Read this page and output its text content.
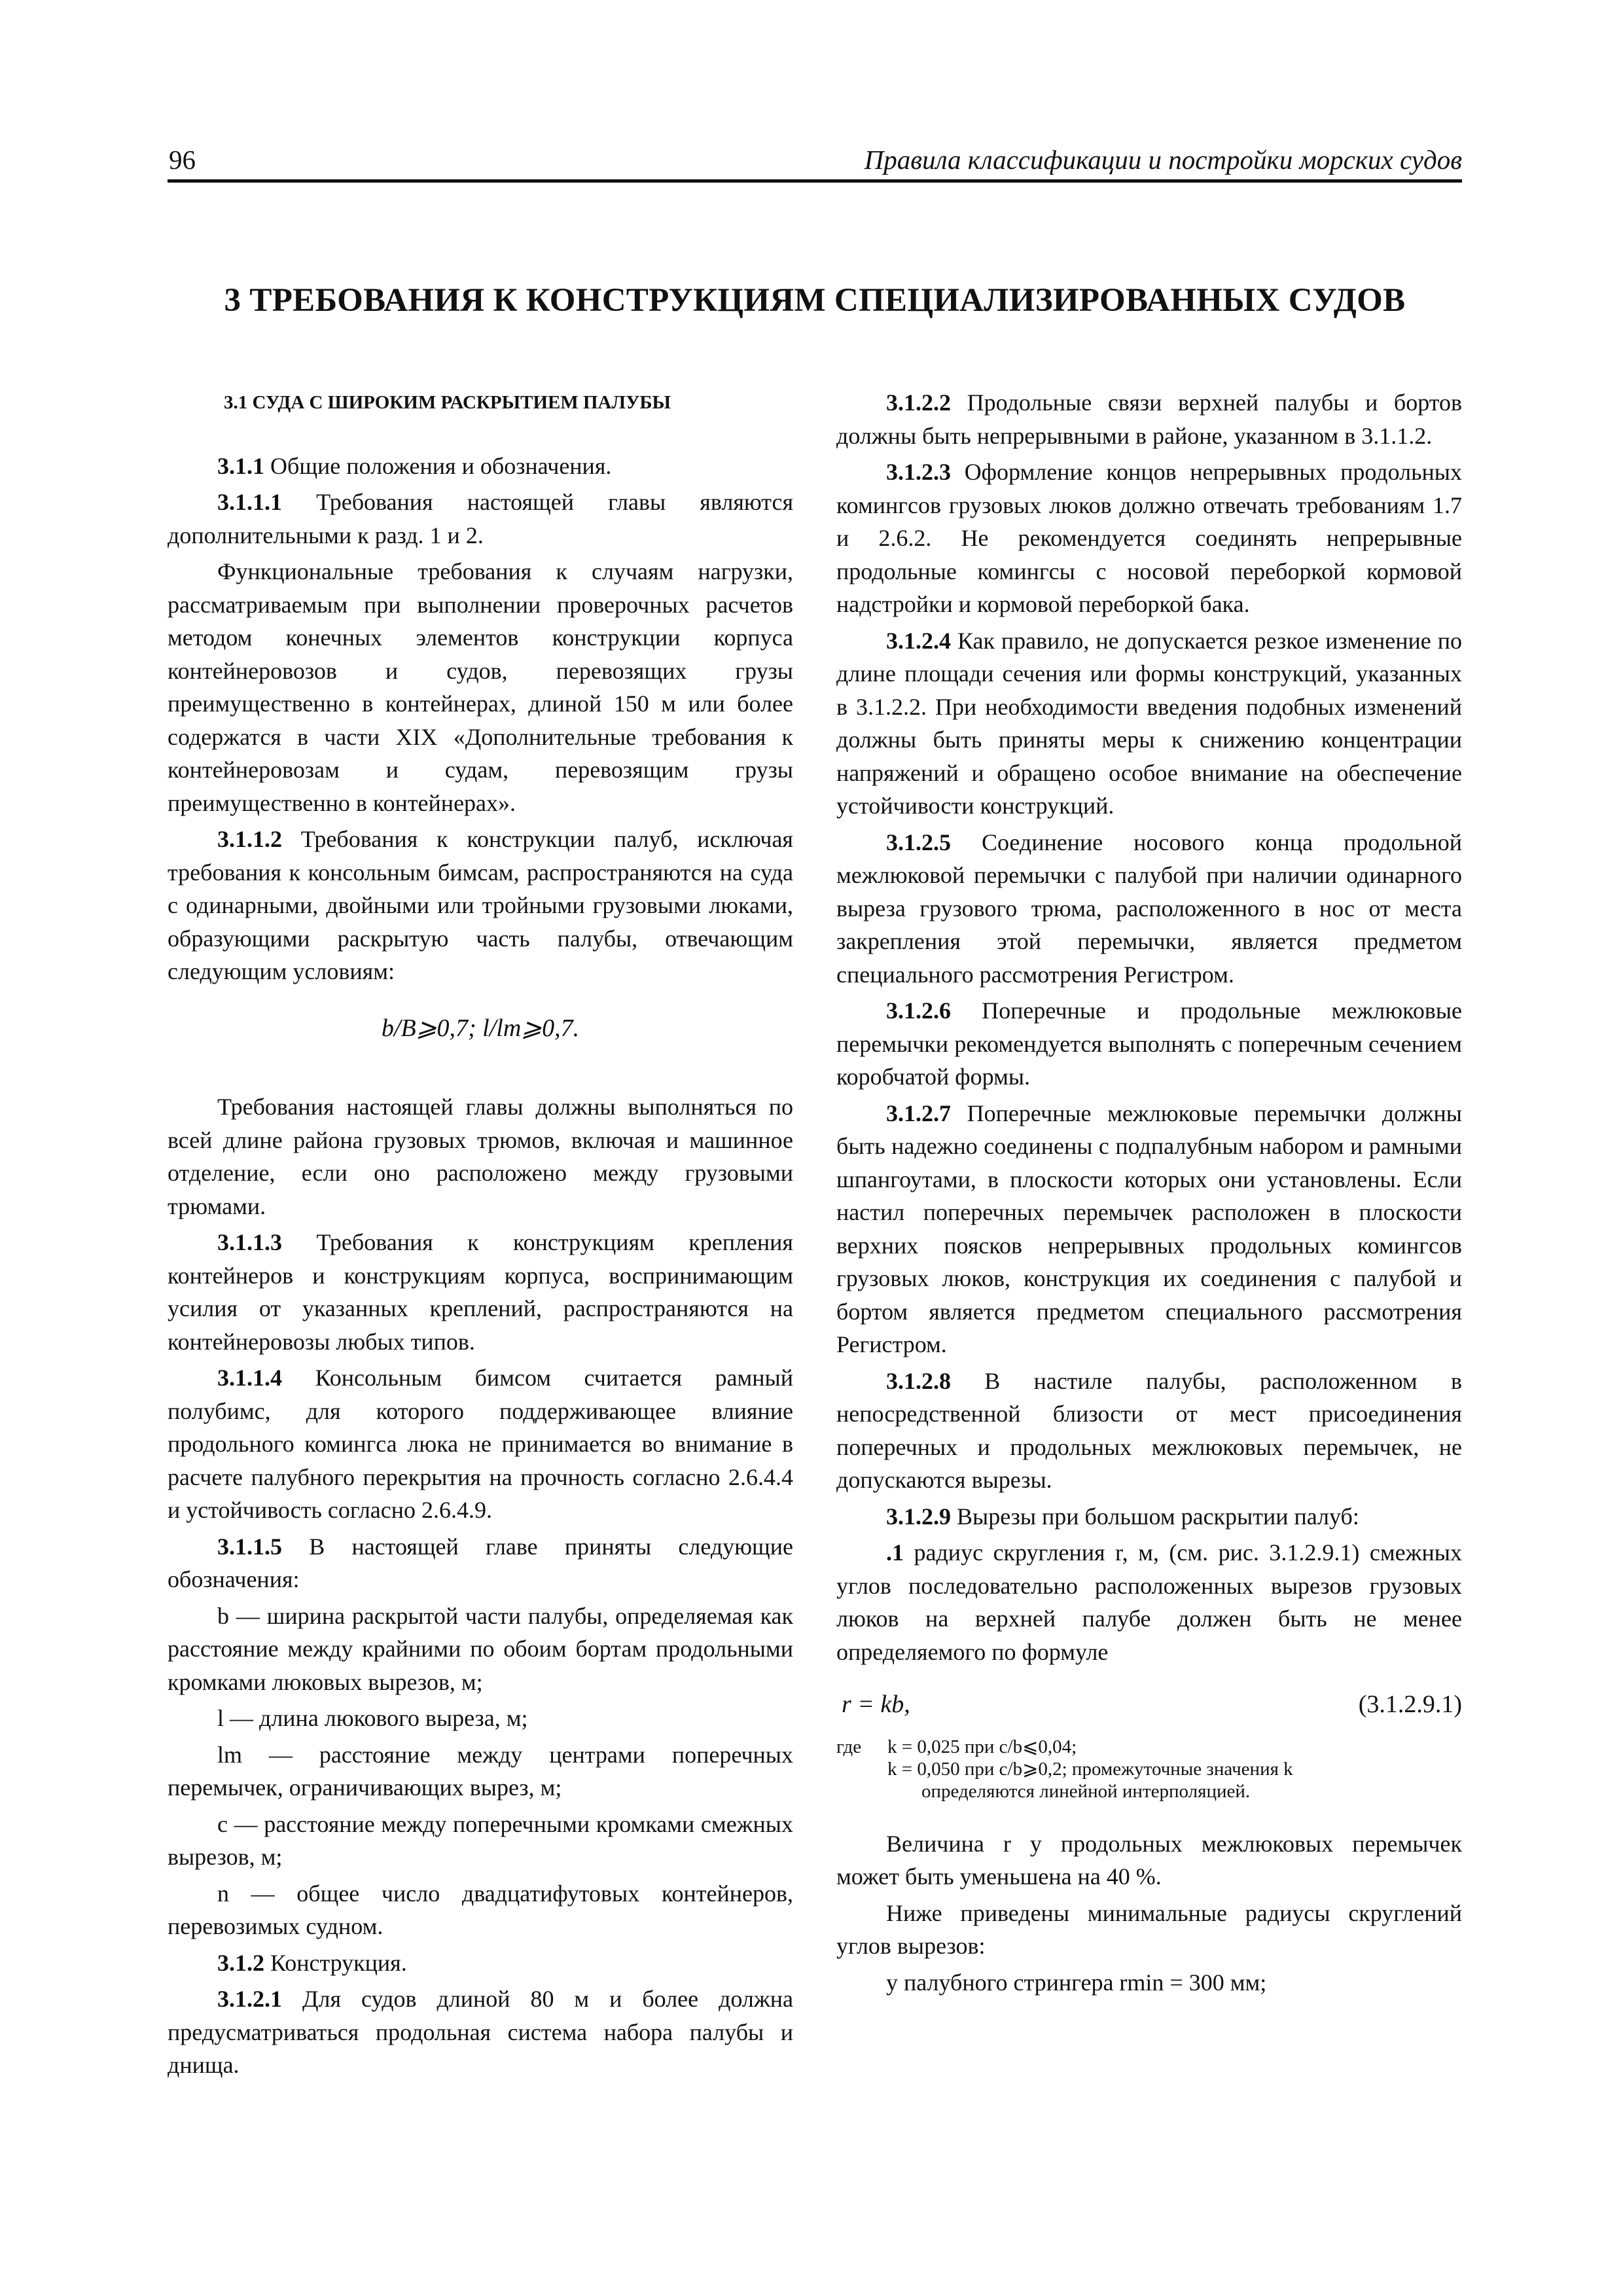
96	Правила классификации и постройки морских судов
3 ТРЕБОВАНИЯ К КОНСТРУКЦИЯМ СПЕЦИАЛИЗИРОВАННЫХ СУДОВ

3.1 СУДА С ШИРОКИМ РАСКРЫТИЕМ ПАЛУБЫ

3.1.1 Общие положения и обозначения.

3.1.1.1 Требования настоящей главы являются дополнительными к разд. 1 и 2.

Функциональные требования к случаям нагрузки, рассматриваемым при выполнении проверочных расчетов методом конечных элементов конструкции корпуса контейнеровозов и судов, перевозящих грузы преимущественно в контейнерах, длиной 150 м или более содержатся в части XIX «Дополнительные требования к контейнеровозам и судам, перевозящим грузы преимущественно в контейнерах».

3.1.1.2 Требования к конструкции палуб, исключая требования к консольным бимсам, распространяются на суда с одинарными, двойными или тройными грузовыми люками, образующими раскрытую часть палубы, отвечающим следующим условиям:

b/B⩾0,7; l/lm⩾0,7.

Требования настоящей главы должны выполняться по всей длине района грузовых трюмов, включая и машинное отделение, если оно расположено между грузовыми трюмами.

3.1.1.3 Требования к конструкциям крепления контейнеров и конструкциям корпуса, воспринимающим усилия от указанных креплений, распространяются на контейнеровозы любых типов.

3.1.1.4 Консольным бимсом считается рамный полубимс, для которого поддерживающее влияние продольного комингса люка не принимается во внимание в расчете палубного перекрытия на прочность согласно 2.6.4.4 и устойчивость согласно 2.6.4.9.

3.1.1.5 В настоящей главе приняты следующие обозначения:

b — ширина раскрытой части палубы, определяемая как расстояние между крайними по обоим бортам продольными кромками люковых вырезов, м;

l — длина люкового выреза, м;

lm — расстояние между центрами поперечных перемычек, ограничивающих вырез, м;

c — расстояние между поперечными кромками смежных вырезов, м;

n — общее число двадцатифутовых контейнеров, перевозимых судном.

3.1.2 Конструкция.

3.1.2.1 Для судов длиной 80 м и более должна предусматриваться продольная система набора палубы и днища.

3.1.2.2 Продольные связи верхней палубы и бортов должны быть непрерывными в районе, указанном в 3.1.1.2.

3.1.2.3 Оформление концов непрерывных продольных комингсов грузовых люков должно отвечать требованиям 1.7 и 2.6.2. Не рекомендуется соединять непрерывные продольные комингсы с носовой переборкой кормовой надстройки и кормовой переборкой бака.

3.1.2.4 Как правило, не допускается резкое изменение по длине площади сечения или формы конструкций, указанных в 3.1.2.2. При необходимости введения подобных изменений должны быть приняты меры к снижению концентрации напряжений и обращено особое внимание на обеспечение устойчивости конструкций.

3.1.2.5 Соединение носового конца продольной межлюковой перемычки с палубой при наличии одинарного выреза грузового трюма, расположенного в нос от места закрепления этой перемычки, является предметом специального рассмотрения Регистром.

3.1.2.6 Поперечные и продольные межлюковые перемычки рекомендуется выполнять с поперечным сечением коробчатой формы.

3.1.2.7 Поперечные межлюковые перемычки должны быть надежно соединены с подпалубным набором и рамными шпангоутами, в плоскости которых они установлены. Если настил поперечных перемычек расположен в плоскости верхних поясков непрерывных продольных комингсов грузовых люков, конструкция их соединения с палубой и бортом является предметом специального рассмотрения Регистром.

3.1.2.8 В настиле палубы, расположенном в непосредственной близости от мест присоединения поперечных и продольных межлюковых перемычек, не допускаются вырезы.

3.1.2.9 Вырезы при большом раскрытии палуб:

.1 радиус скругления r, м, (см. рис. 3.1.2.9.1) смежных углов последовательно расположенных вырезов грузовых люков на верхней палубе должен быть не менее определяемого по формуле

r = kb,	(3.1.2.9.1)

где	k = 0,025 при c/b⩽0,04;
k = 0,050 при c/b⩾0,2; промежуточные значения k
определяются линейной интерполяцией.

Величина r у продольных межлюковых перемычек может быть уменьшена на 40 %.

Ниже приведены минимальные радиусы скруглений углов вырезов:

у палубного стрингера rmin = 300 мм;
